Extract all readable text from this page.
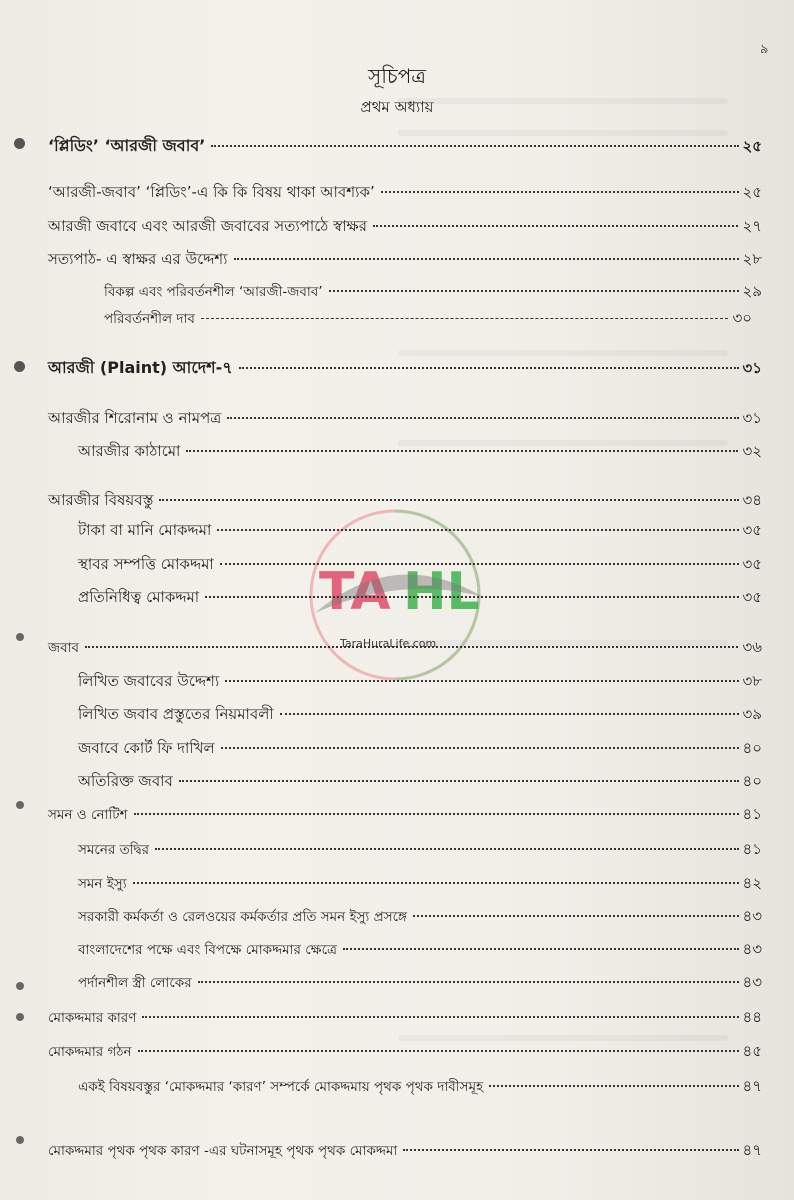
৯
সূচিপত্র
প্রথম অধ্যায়
TA HL
TaraHuraLife.com
‘প্লিডিং’ ‘আরজী জবাব’	২৫
‘আরজী-জবাব’ ‘প্লিডিং’-এ কি কি বিষয় থাকা আবশ্যক’	২৫
আরজী জবাবে এবং আরজী জবাবের সত্যপাঠে স্বাক্ষর	২৭
সত্যপাঠ- এ স্বাক্ষর এর উদ্দেশ্য	২৮
বিকল্প এবং পরিবর্তনশীল ‘আরজী-জবাব’	২৯
পরিবর্তনশীল দাব	৩০
আরজী (Plaint) আদেশ-৭	৩১
আরজীর শিরোনাম ও নামপত্র	৩১
আরজীর কাঠামো	৩২
আরজীর বিষয়বস্তু	৩৪
টাকা বা মানি মোকদ্দমা	৩৫
স্থাবর সম্পত্তি মোকদ্দমা	৩৫
প্রতিনিধিত্ব মোকদ্দমা	৩৫
জবাব	৩৬
লিখিত জবাবের উদ্দেশ্য	৩৮
লিখিত জবাব প্রস্তুতের নিয়মাবলী	৩৯
জবাবে কোর্ট ফি দাখিল	৪০
অতিরিক্ত জবাব	৪০
সমন ও নোটিশ	৪১
সমনের তদ্বির	৪১
সমন ইস্যু	৪২
সরকারী কর্মকর্তা ও রেলওয়ের কর্মকর্তার প্রতি সমন ইস্যু প্রসঙ্গে	৪৩
বাংলাদেশের পক্ষে এবং বিপক্ষে মোকদ্দমার ক্ষেত্রে	৪৩
পর্দানশীল স্ত্রী লোকের	৪৩
মোকদ্দমার কারণ	৪৪
মোকদ্দমার গঠন	৪৫
একই বিষয়বস্তুর ‘মোকদ্দমার ‘কারণ’ সম্পর্কে মোকদ্দমায় পৃথক পৃথক দাবীসমূহ	৪৭
মোকদ্দমার পৃথক পৃথক কারণ -এর ঘটনাসমূহ পৃথক পৃথক মোকদ্দমা	৪৭
